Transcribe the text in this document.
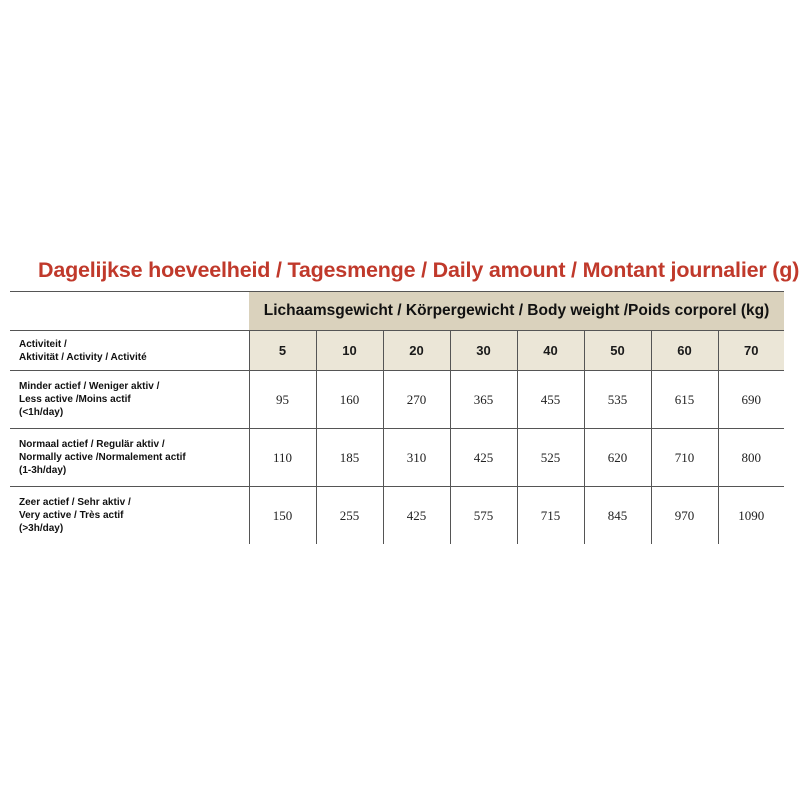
Dagelijkse hoeveelheid / Tagesmenge / Daily amount / Montant journalier (g)
	Lichaamsgewicht / Körpergewicht / Body weight /Poids corporel (kg)							

Activiteit /
Aktivität / Activity / Activité	5	10	20	30	40	50	60	70

Minder actief / Weniger aktiv /
Less active /Moins actif
(<1h/day)	95	160	270	365	455	535	615	690

Normaal actief / Regulär aktiv /
Normally active /Normalement actif
(1-3h/day)	110	185	310	425	525	620	710	800

Zeer actief / Sehr aktiv /
Very active / Très actif
(>3h/day)	150	255	425	575	715	845	970	1090
